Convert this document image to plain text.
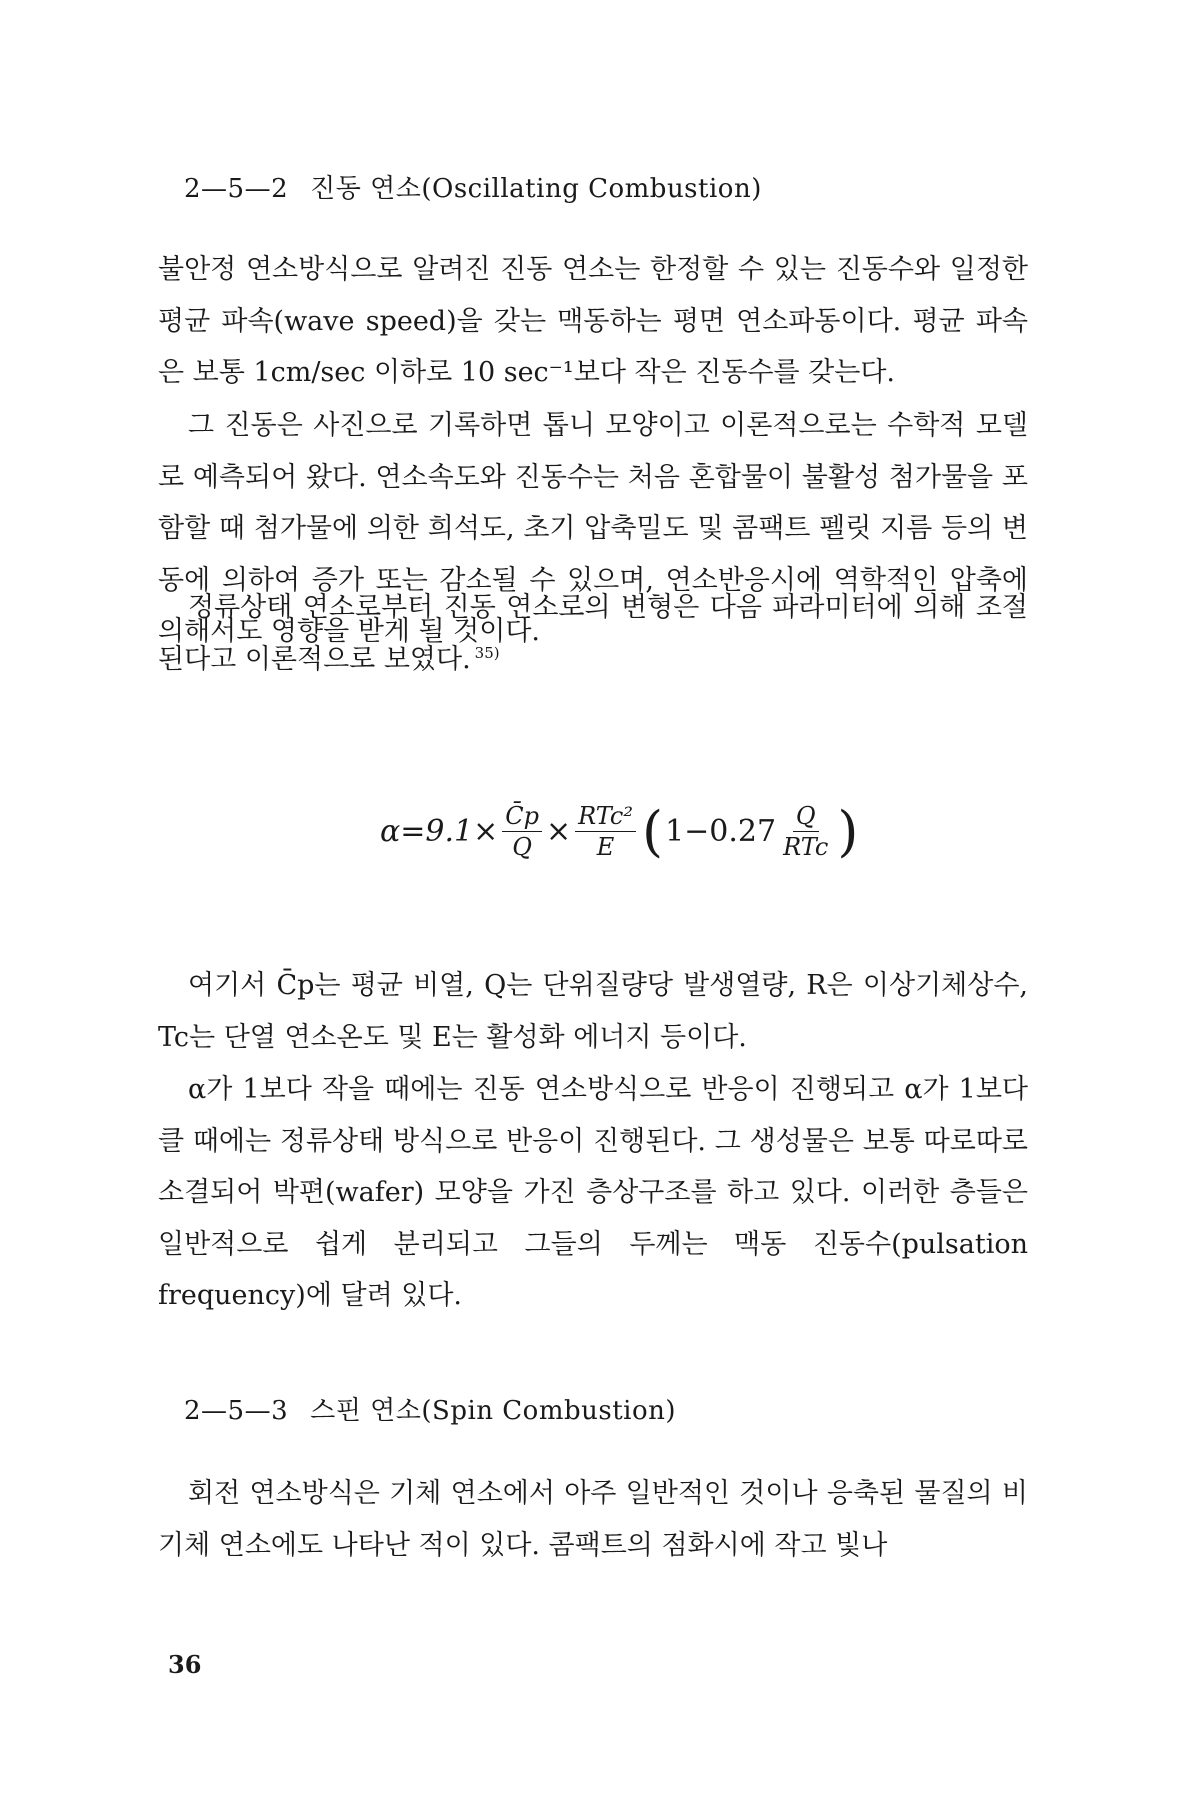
2—5—2 진동 연소(Oscillating Combustion)

불안정 연소방식으로 알려진 진동 연소는 한정할 수 있는 진동수와 일정한 평균 파속(wave speed)을 갖는 맥동하는 평면 연소파동이다. 평균 파속은 보통 1cm/sec 이하로 10 sec⁻¹보다 작은 진동수를 갖는다.

그 진동은 사진으로 기록하면 톱니 모양이고 이론적으로는 수학적 모델로 예측되어 왔다. 연소속도와 진동수는 처음 혼합물이 불활성 첨가물을 포함할 때 첨가물에 의한 희석도, 초기 압축밀도 및 콤팩트 펠릿 지름 등의 변동에 의하여 증가 또는 감소될 수 있으며, 연소반응시에 역학적인 압축에 의해서도 영향을 받게 될 것이다.

정류상태 연소로부터 진동 연소로의 변형은 다음 파라미터에 의해 조절된다고 이론적으로 보였다. $^{35)}$

$\alpha=9.1\times \frac{C̄p}{Q} \times \frac{\text{RTc²}}{E}$ ( $1-0.27 \frac{Q}{\text{RTc}}$ )

여기서 C̄p는 평균 비열, Q는 단위질량당 발생열량, R은 이상기체상수, Tc는 단열 연소온도 및 E는 활성화 에너지 등이다.

α가 1보다 작을 때에는 진동 연소방식으로 반응이 진행되고 α가 1보다 클 때에는 정류상태 방식으로 반응이 진행된다. 그 생성물은 보통 따로따로 소결되어 박편(wafer) 모양을 가진 층상구조를 하고 있다. 이러한 층들은 일반적으로 쉽게 분리되고 그들의 두께는 맥동 진동수(pulsation frequency)에 달려 있다.

2—5—3 스핀 연소(Spin Combustion)

회전 연소방식은 기체 연소에서 아주 일반적인 것이나 응축된 물질의 비기체 연소에도 나타난 적이 있다. 콤팩트의 점화시에 작고 빛나

36
